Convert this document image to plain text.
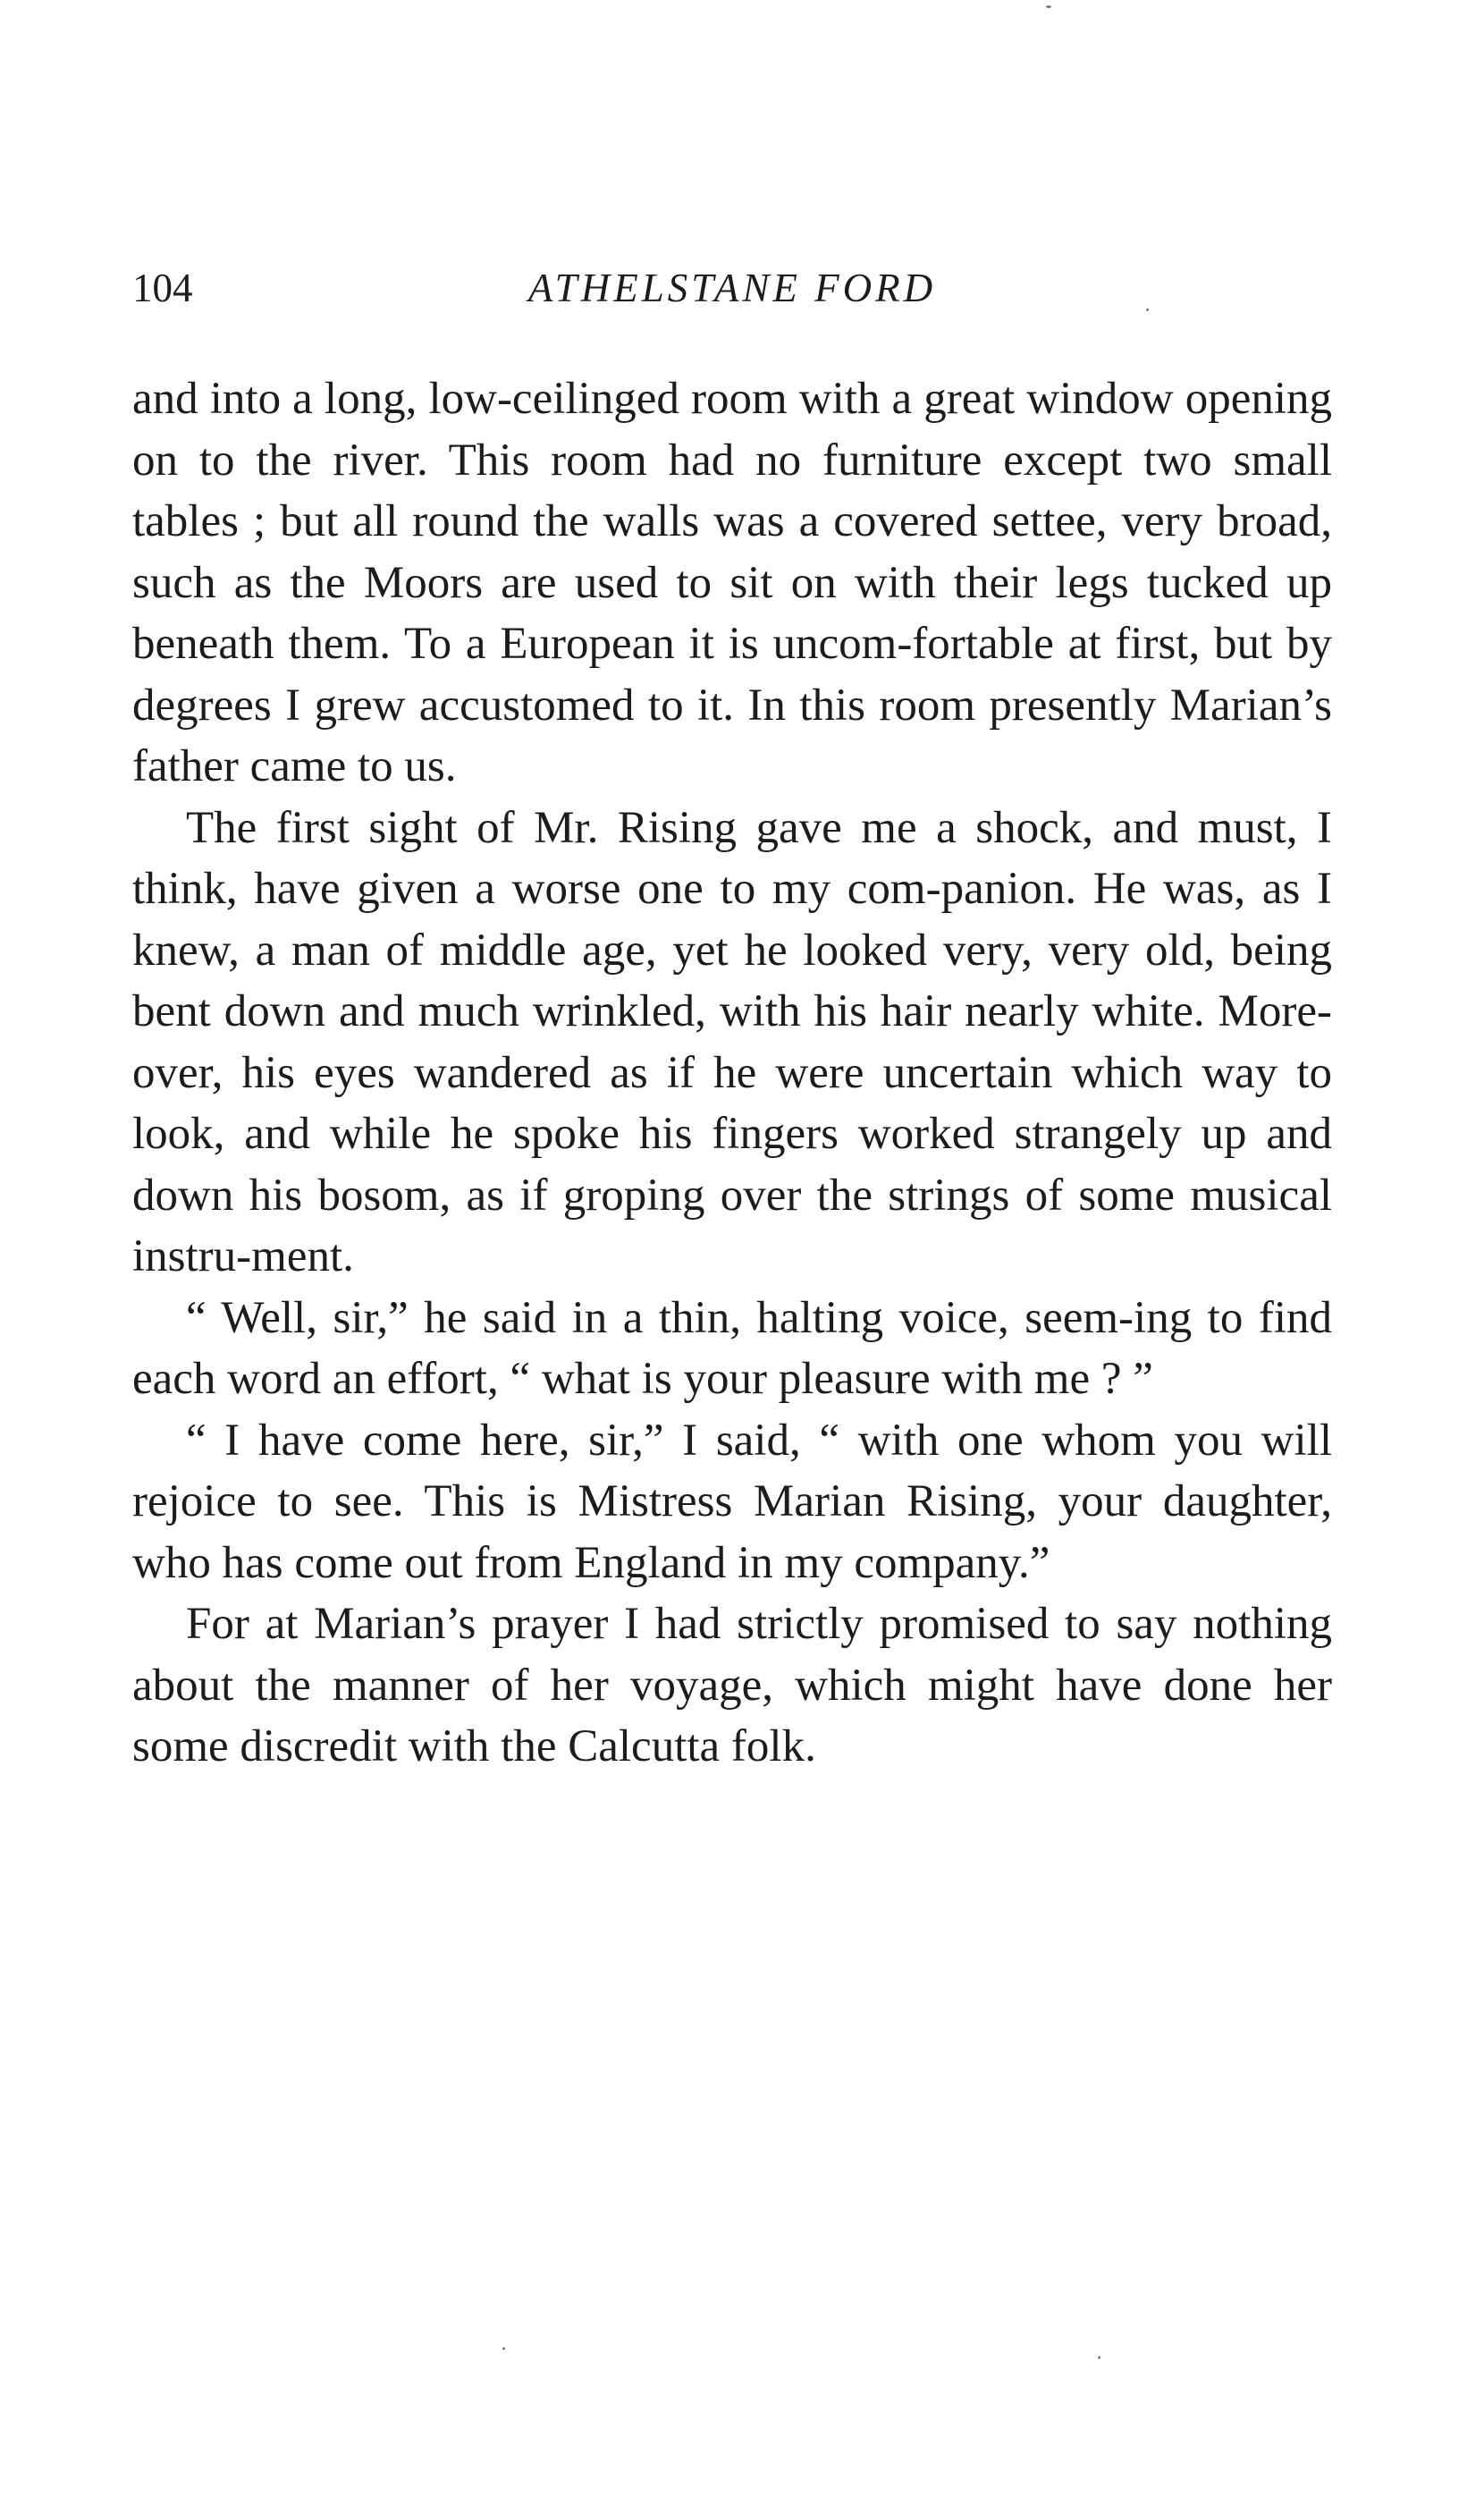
104	ATHELSTANE FORD

and into a long, low-ceilinged room with a great window opening on to the river. This room had no furniture except two small tables ; but all round the walls was a covered settee, very broad, such as the Moors are used to sit on with their legs tucked up beneath them. To a European it is uncom-fortable at first, but by degrees I grew accustomed to it. In this room presently Marian’s father came to us.

The first sight of Mr. Rising gave me a shock, and must, I think, have given a worse one to my com-panion. He was, as I knew, a man of middle age, yet he looked very, very old, being bent down and much wrinkled, with his hair nearly white. More-over, his eyes wandered as if he were uncertain which way to look, and while he spoke his fingers worked strangely up and down his bosom, as if groping over the strings of some musical instru-ment.

“ Well, sir,” he said in a thin, halting voice, seem-ing to find each word an effort, “ what is your pleasure with me ? ”

“ I have come here, sir,” I said, “ with one whom you will rejoice to see. This is Mistress Marian Rising, your daughter, who has come out from England in my company.”

For at Marian’s prayer I had strictly promised to say nothing about the manner of her voyage, which might have done her some discredit with the Calcutta folk.
